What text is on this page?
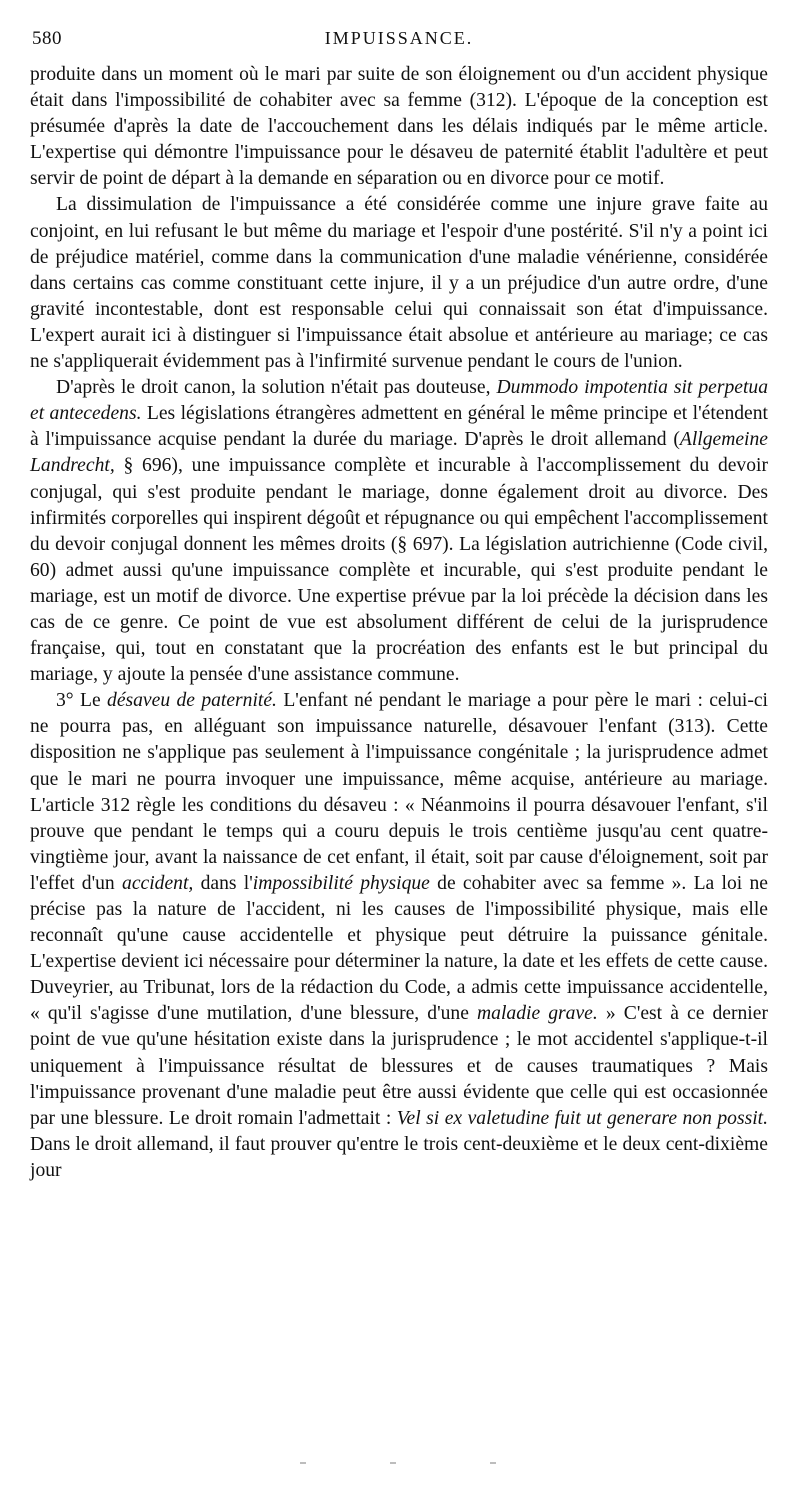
580	IMPUISSANCE.

produite dans un moment où le mari par suite de son éloignement ou d'un accident physique était dans l'impossibilité de cohabiter avec sa femme (312). L'époque de la conception est présumée d'après la date de l'accouchement dans les délais indiqués par le même article. L'expertise qui démontre l'impuissance pour le désaveu de paternité établit l'adultère et peut servir de point de départ à la demande en séparation ou en divorce pour ce motif.

La dissimulation de l'impuissance a été considérée comme une injure grave faite au conjoint, en lui refusant le but même du mariage et l'espoir d'une postérité. S'il n'y a point ici de préjudice matériel, comme dans la communication d'une maladie vénérienne, considérée dans certains cas comme constituant cette injure, il y a un préjudice d'un autre ordre, d'une gravité incontestable, dont est responsable celui qui connaissait son état d'impuissance. L'expert aurait ici à distinguer si l'impuissance était absolue et antérieure au mariage; ce cas ne s'appliquerait évidemment pas à l'infirmité survenue pendant le cours de l'union.

D'après le droit canon, la solution n'était pas douteuse, Dummodo impotentia sit perpetua et antecedens. Les législations étrangères admettent en général le même principe et l'étendent à l'impuissance acquise pendant la durée du mariage. D'après le droit allemand (Allgemeine Landrecht, § 696), une impuissance complète et incurable à l'accomplissement du devoir conjugal, qui s'est produite pendant le mariage, donne également droit au divorce. Des infirmités corporelles qui inspirent dégoût et répugnance ou qui empêchent l'accomplissement du devoir conjugal donnent les mêmes droits (§ 697). La législation autrichienne (Code civil, 60) admet aussi qu'une impuissance complète et incurable, qui s'est produite pendant le mariage, est un motif de divorce. Une expertise prévue par la loi précède la décision dans les cas de ce genre. Ce point de vue est absolument différent de celui de la jurisprudence française, qui, tout en constatant que la procréation des enfants est le but principal du mariage, y ajoute la pensée d'une assistance commune.

3° Le désaveu de paternité. L'enfant né pendant le mariage a pour père le mari : celui-ci ne pourra pas, en alléguant son impuissance naturelle, désavouer l'enfant (313). Cette disposition ne s'applique pas seulement à l'impuissance congénitale ; la jurisprudence admet que le mari ne pourra invoquer une impuissance, même acquise, antérieure au mariage. L'article 312 règle les conditions du désaveu : « Néanmoins il pourra désavouer l'enfant, s'il prouve que pendant le temps qui a couru depuis le trois centième jusqu'au cent quatre-vingtième jour, avant la naissance de cet enfant, il était, soit par cause d'éloignement, soit par l'effet d'un accident, dans l'impossibilité physique de cohabiter avec sa femme ». La loi ne précise pas la nature de l'accident, ni les causes de l'impossibilité physique, mais elle reconnaît qu'une cause accidentelle et physique peut détruire la puissance génitale. L'expertise devient ici nécessaire pour déterminer la nature, la date et les effets de cette cause. Duveyrier, au Tribunat, lors de la rédaction du Code, a admis cette impuissance accidentelle, « qu'il s'agisse d'une mutilation, d'une blessure, d'une maladie grave. » C'est à ce dernier point de vue qu'une hésitation existe dans la jurisprudence ; le mot accidentel s'applique-t-il uniquement à l'impuissance résultat de blessures et de causes traumatiques ? Mais l'impuissance provenant d'une maladie peut être aussi évidente que celle qui est occasionnée par une blessure. Le droit romain l'admettait : Vel si ex valetudine fuit ut generare non possit. Dans le droit allemand, il faut prouver qu'entre le trois cent-deuxième et le deux cent-dixième jour
